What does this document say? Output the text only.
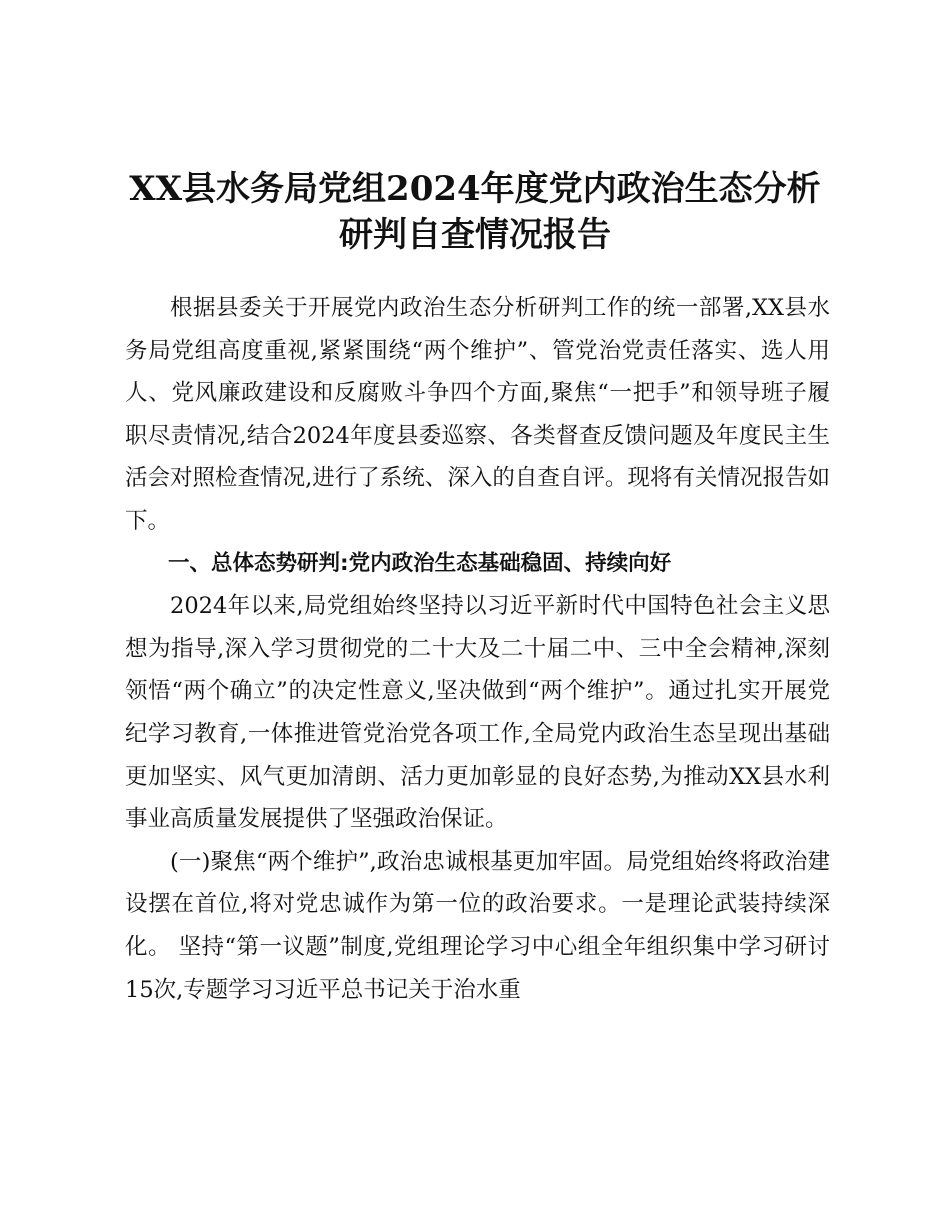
XX县水务局党组2024年度党内政治生态分析
研判自查情况报告

根据县委关于开展党内政治生态分析研判工作的统一部署,XX县水务局党组高度重视,紧紧围绕“两个维护”、管党治党责任落实、选人用人、党风廉政建设和反腐败斗争四个方面,聚焦“一把手”和领导班子履职尽责情况,结合2024年度县委巡察、各类督查反馈问题及年度民主生活会对照检查情况,进行了系统、深入的自查自评。现将有关情况报告如下。

一、总体态势研判:党内政治生态基础稳固、持续向好

2024年以来,局党组始终坚持以习近平新时代中国特色社会主义思想为指导,深入学习贯彻党的二十大及二十届二中、三中全会精神,深刻领悟“两个确立”的决定性意义,坚决做到“两个维护”。通过扎实开展党纪学习教育,一体推进管党治党各项工作,全局党内政治生态呈现出基础更加坚实、风气更加清朗、活力更加彰显的良好态势,为推动XX县水利事业高质量发展提供了坚强政治保证。

(一)聚焦“两个维护”,政治忠诚根基更加牢固。局党组始终将政治建设摆在首位,将对党忠诚作为第一位的政治要求。一是理论武装持续深化。 坚持“第一议题”制度,党组理论学习中心组全年组织集中学习研讨15次,专题学习习近平总书记关于治水重
